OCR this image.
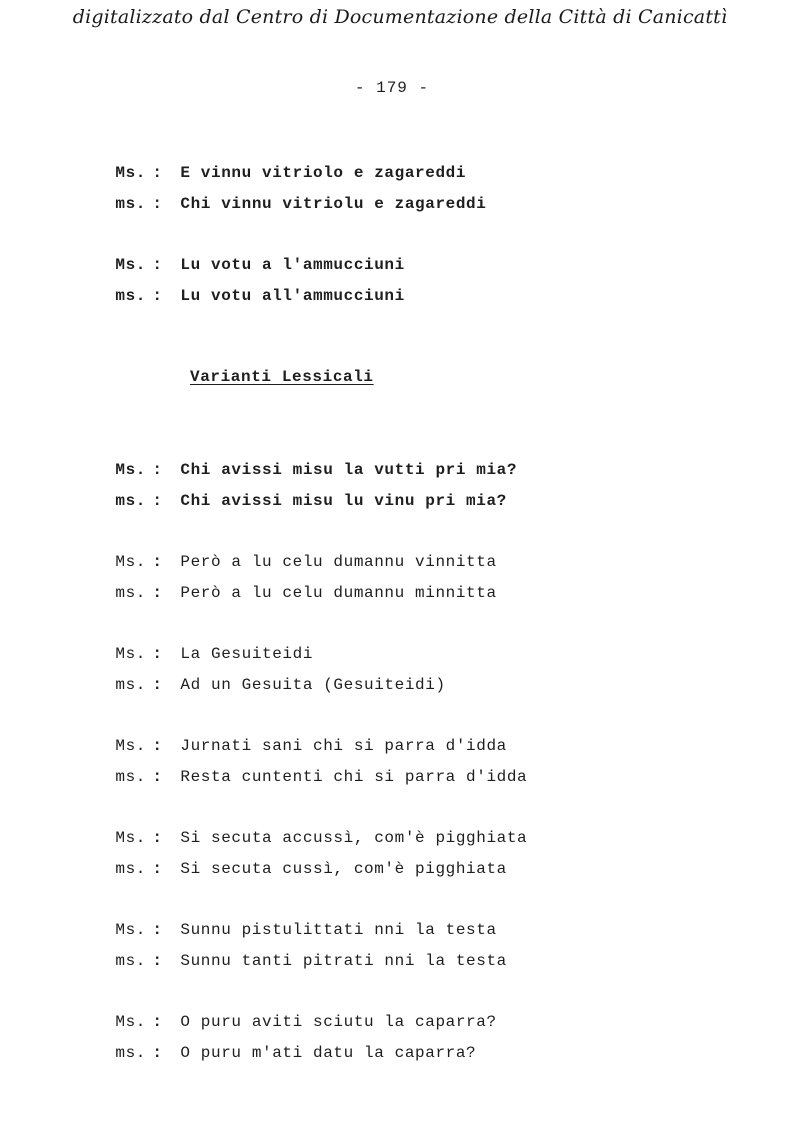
digitalizzato dal Centro di Documentazione della Città di Canicattì
- 179 -

Ms. : E vinnu vitriolo e zagareddi

ms. : Chi vinnu vitriolu e zagareddi

Ms. : Lu votu a l'ammucciuni

ms. : Lu votu all'ammucciuni

Varianti Lessicali

Ms. : Chi avissi misu la vutti pri mia?

ms. : Chi avissi misu lu vinu pri mia?

Ms. : Però a lu celu dumannu vinnitta

ms. : Però a lu celu dumannu minnitta

Ms. : La Gesuiteidi

ms. : Ad un Gesuita (Gesuiteidi)

Ms. : Jurnati sani chi si parra d'idda

ms. : Resta cuntenti chi si parra d'idda

Ms. : Si secuta accussì, com'è pigghiata

ms. : Si secuta cussì, com'è pigghiata

Ms. : Sunnu pistulittati nni la testa

ms. : Sunnu tanti pitrati nni la testa

Ms. : O puru aviti sciutu la caparra?

ms. : O puru m'ati datu la caparra?
